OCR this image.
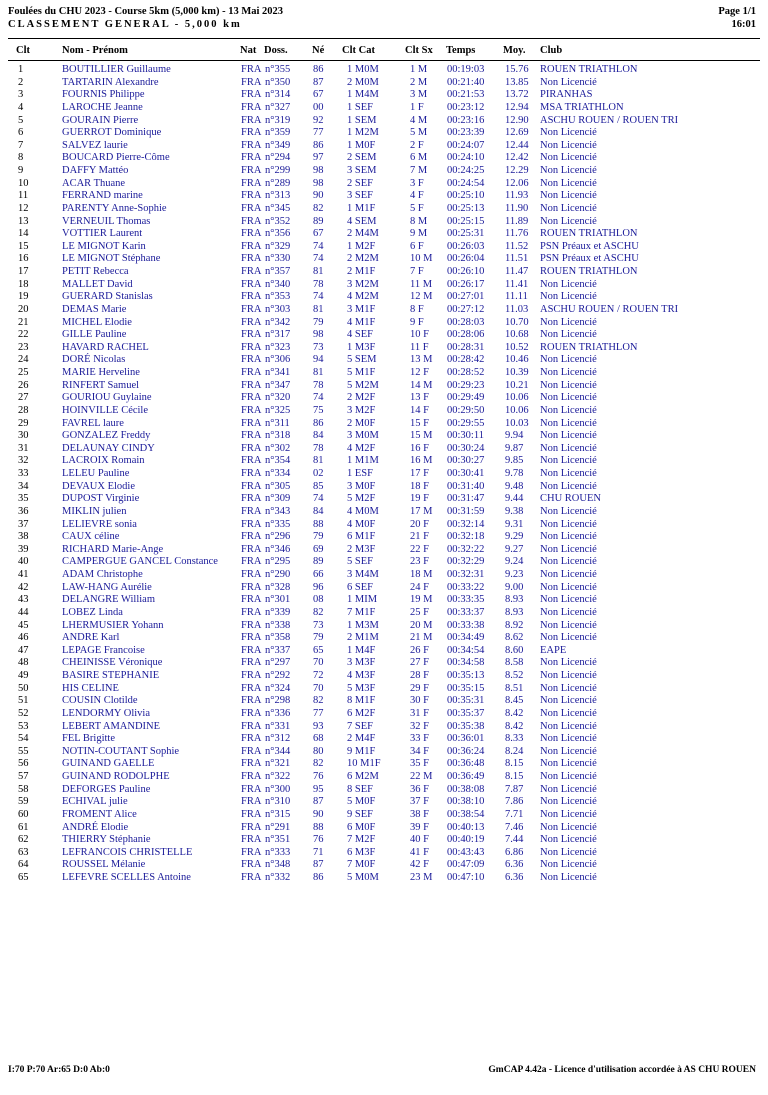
Foulées du CHU 2023 - Course 5km (5,000 km) - 13 Mai 2023
CLASSEMENT GENERAL - 5,000 km
Page 1/1
16:01
Clt	Nom - Prénom	Nat Doss. Né Clt Cat	Clt Sx Temps	Moy. Club
1	BOUTILLIER Guillaume	FRA n°355 86 1 M0M	1 M 00:19:03 15.76 ROUEN TRIATHLON
2	TARTARIN Alexandre	FRA n°350 87 2 M0M	2 M 00:21:40 13.85 Non Licencié
3	FOURNIS Philippe	FRA n°314 67 1 M4M	3 M 00:21:53 13.72 PIRANHAS
4	LAROCHE Jeanne	FRA n°327 00 1 SEF	1 F 00:23:12 12.94 MSA TRIATHLON
5	GOURAIN Pierre	FRA n°319 92 1 SEM	4 M 00:23:16 12.90 ASCHU ROUEN / ROUEN TRI
6	GUERROT Dominique	FRA n°359 77 1 M2M	5 M 00:23:39 12.69 Non Licencié
7	SALVEZ laurie	FRA n°349 86 1 M0F	2 F 00:24:07 12.44 Non Licencié
8	BOUCARD Pierre-Côme	FRA n°294 97 2 SEM	6 M 00:24:10 12.42 Non Licencié
9	DAFFY Mattéo	FRA n°299 98 3 SEM	7 M 00:24:25 12.29 Non Licencié
10	ACAR Thuane	FRA n°289 98 2 SEF	3 F 00:24:54 12.06 Non Licencié
11	FERRAND marine	FRA n°313 90 3 SEF	4 F 00:25:10 11.93 Non Licencié
12	PARENTY Anne-Sophie	FRA n°345 82 1 M1F	5 F 00:25:13 11.90 Non Licencié
13	VERNEUIL Thomas	FRA n°352 89 4 SEM	8 M 00:25:15 11.89 Non Licencié
14	VOTTIER Laurent	FRA n°356 67 2 M4M	9 M 00:25:31 11.76 ROUEN TRIATHLON
15	LE MIGNOT Karin	FRA n°329 74 1 M2F	6 F 00:26:03 11.52 PSN Préaux et ASCHU
16	LE MIGNOT Stéphane	FRA n°330 74 2 M2M	10 M 00:26:04 11.51 PSN Préaux et ASCHU
17	PETIT Rebecca	FRA n°357 81 2 M1F	7 F 00:26:10 11.47 ROUEN TRIATHLON
18	MALLET David	FRA n°340 78 3 M2M	11 M 00:26:17 11.41 Non Licencié
19	GUERARD Stanislas	FRA n°353 74 4 M2M	12 M 00:27:01 11.11 Non Licencié
20	DEMAS Marie	FRA n°303 81 3 M1F	8 F 00:27:12 11.03 ASCHU ROUEN / ROUEN TRI
21	MICHEL Elodie	FRA n°342 79 4 M1F	9 F 00:28:03 10.70 Non Licencié
22	GILLE Pauline	FRA n°317 98 4 SEF	10 F 00:28:06 10.68 Non Licencié
23	HAVARD RACHEL	FRA n°323 73 1 M3F	11 F 00:28:31 10.52 ROUEN TRIATHLON
24	DORÉ Nicolas	FRA n°306 94 5 SEM	13 M 00:28:42 10.46 Non Licencié
25	MARIE Herveline	FRA n°341 81 5 M1F	12 F 00:28:52 10.39 Non Licencié
26	RINFERT Samuel	FRA n°347 78 5 M2M	14 M 00:29:23 10.21 Non Licencié
27	GOURIOU Guylaine	FRA n°320 74 2 M2F	13 F 00:29:49 10.06 Non Licencié
28	HOINVILLE Cécile	FRA n°325 75 3 M2F	14 F 00:29:50 10.06 Non Licencié
29	FAVREL laure	FRA n°311 86 2 M0F	15 F 00:29:55 10.03 Non Licencié
30	GONZALEZ Freddy	FRA n°318 84 3 M0M	15 M 00:30:11 9.94 Non Licencié
31	DELAUNAY CINDY	FRA n°302 78 4 M2F	16 F 00:30:24 9.87 Non Licencié
32	LACROIX Romain	FRA n°354 81 1 M1M	16 M 00:30:27 9.85 Non Licencié
33	LELEU Pauline	FRA n°334 02 1 ESF	17 F 00:30:41 9.78 Non Licencié
34	DEVAUX Elodie	FRA n°305 85 3 M0F	18 F 00:31:40 9.48 Non Licencié
35	DUPOST Virginie	FRA n°309 74 5 M2F	19 F 00:31:47 9.44 CHU ROUEN
36	MIKLIN julien	FRA n°343 84 4 M0M	17 M 00:31:59 9.38 Non Licencié
37	LELIEVRE sonia	FRA n°335 88 4 M0F	20 F 00:32:14 9.31 Non Licencié
38	CAUX céline	FRA n°296 79 6 M1F	21 F 00:32:18 9.29 Non Licencié
39	RICHARD Marie-Ange	FRA n°346 69 2 M3F	22 F 00:32:22 9.27 Non Licencié
40	CAMPERGUE GANCEL Constance FRA n°295 89 5 SEF	23 F 00:32:29 9.24 Non Licencié
41	ADAM Christophe	FRA n°290 66 3 M4M	18 M 00:32:31 9.23 Non Licencié
42	LAW-HANG Aurélie	FRA n°328 96 6 SEF	24 F 00:33:22 9.00 Non Licencié
43	DELANGRE William	FRA n°301 08 1 MIM	19 M 00:33:35 8.93 Non Licencié
44	LOBEZ Linda	FRA n°339 82 7 M1F	25 F 00:33:37 8.93 Non Licencié
45	LHERMUSIER Yohann	FRA n°338 73 1 M3M	20 M 00:33:38 8.92 Non Licencié
46	ANDRE Karl	FRA n°358 79 2 M1M	21 M 00:34:49 8.62 Non Licencié
47	LEPAGE Francoise	FRA n°337 65 1 M4F	26 F 00:34:54 8.60 EAPE
48	CHEINISSE Véronique	FRA n°297 70 3 M3F	27 F 00:34:58 8.58 Non Licencié
49	BASIRE STEPHANIE	FRA n°292 72 4 M3F	28 F 00:35:13 8.52 Non Licencié
50	HIS CELINE	FRA n°324 70 5 M3F	29 F 00:35:15 8.51 Non Licencié
51	COUSIN Clotilde	FRA n°298 82 8 M1F	30 F 00:35:31 8.45 Non Licencié
52	LENDORMY Olivia	FRA n°336 77 6 M2F	31 F 00:35:37 8.42 Non Licencié
53	LEBERT AMANDINE	FRA n°331 93 7 SEF	32 F 00:35:38 8.42 Non Licencié
54	FEL Brigitte	FRA n°312 68 2 M4F	33 F 00:36:01 8.33 Non Licencié
55	NOTIN-COUTANT Sophie	FRA n°344 80 9 M1F	34 F 00:36:24 8.24 Non Licencié
56	GUINAND GAELLE	FRA n°321 82 10 M1F	35 F 00:36:48 8.15 Non Licencié
57	GUINAND RODOLPHE	FRA n°322 76 6 M2M	22 M 00:36:49 8.15 Non Licencié
58	DEFORGES Pauline	FRA n°300 95 8 SEF	36 F 00:38:08 7.87 Non Licencié
59	ECHIVAL julie	FRA n°310 87 5 M0F	37 F 00:38:10 7.86 Non Licencié
60	FROMENT Alice	FRA n°315 90 9 SEF	38 F 00:38:54 7.71 Non Licencié
61	ANDRÉ Elodie	FRA n°291 88 6 M0F	39 F 00:40:13 7.46 Non Licencié
62	THIERRY Stéphanie	FRA n°351 76 7 M2F	40 F 00:40:19 7.44 Non Licencié
63	LEFRANCOIS CHRISTELLE	FRA n°333 71 6 M3F	41 F 00:43:43 6.86 Non Licencié
64	ROUSSEL Mélanie	FRA n°348 87 7 M0F	42 F 00:47:09 6.36 Non Licencié
65	LEFEVRE SCELLES Antoine	FRA n°332 86 5 M0M	23 M 00:47:10 6.36 Non Licencié
I:70 P:70 Ar:65 D:0 Ab:0	GmCAP 4.42a - Licence d'utilisation accordée à AS CHU ROUEN
